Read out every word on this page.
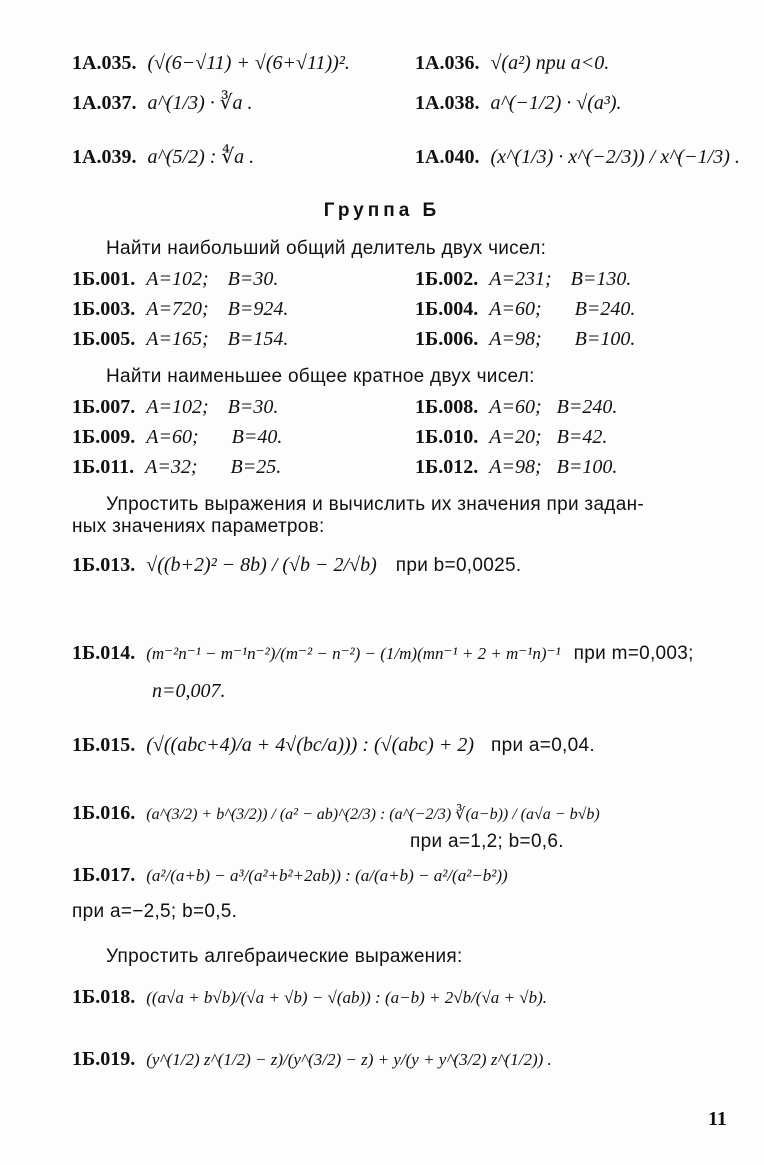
1А.035. (√(6−√11) + √(6+√11))².	1А.036. √(a²) при a<0.
1А.037. a^(1/3) · ∛a .	1А.038. a^(−1/2) · √(a³).
1А.039. a^(5/2) : ∜a .	1А.040. (x^(1/3) · x^(−2/3)) / x^(−1/3) .
Группа Б
Найти наибольший общий делитель двух чисел:
1Б.001. A=102; B=30.	1Б.002. A=231; B=130.
1Б.003. A=720; B=924.	1Б.004. A=60; B=240.
1Б.005. A=165; B=154.	1Б.006. A=98; B=100.
Найти наименьшее общее кратное двух чисел:
1Б.007. A=102; B=30.	1Б.008. A=60; B=240.
1Б.009. A=60; B=40.	1Б.010. A=20; B=42.
1Б.011. A=32; B=25.	1Б.012. A=98; B=100.
Упростить выражения и вычислить их значения при задан-
ных значениях параметров:
1Б.013. √((b+2)² − 8b) / (√b − 2/√b) при b=0,0025.
1Б.014. (m⁻²n⁻¹ − m⁻¹n⁻²)/(m⁻² − n⁻²) − (1/m)(mn⁻¹ + 2 + m⁻¹n)⁻¹ при m=0,003;
n=0,007.
1Б.015. (√((abc+4)/a + 4√(bc/a))) : (√(abc) + 2) при a=0,04.
1Б.016. (a^(3/2) + b^(3/2)) / (a² − ab)^(2/3) : (a^(−2/3) ∛(a−b)) / (a√a − b√b)
при a=1,2; b=0,6.
1Б.017. (a²/(a+b) − a³/(a²+b²+2ab)) : (a/(a+b) − a²/(a²−b²))
при a=−2,5; b=0,5.
Упростить алгебраические выражения:
1Б.018. ((a√a + b√b)/(√a + √b) − √(ab)) : (a−b) + 2√b/(√a + √b).
1Б.019. (y^(1/2) z^(1/2) − z)/(y^(3/2) − z) + y/(y + y^(3/2) z^(1/2)) .
11
